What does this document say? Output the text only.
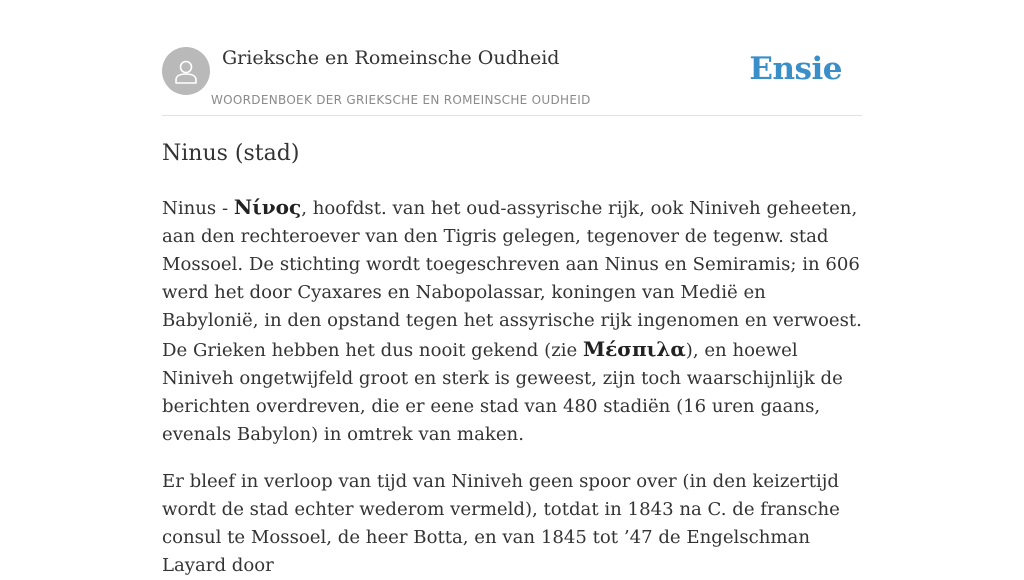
Grieksche en Romeinsche Oudheid
WOORDENBOEK DER GRIEKSCHE EN ROMEINSCHE OUDHEID
Ensie
Ninus (stad)

Ninus - Νίνος, hoofdst. van het oud-assyrische rijk, ook Niniveh geheeten, aan den rechteroever van den Tigris gelegen, tegenover de tegenw. stad Mossoel. De stichting wordt toegeschreven aan Ninus en Semiramis; in 606 werd het door Cyaxares en Nabopolassar, koningen van Medië en Babylonië, in den opstand tegen het assyrische rijk ingenomen en verwoest. De Grieken hebben het dus nooit gekend (zie Μέσπιλα), en hoewel Niniveh ongetwijfeld groot en sterk is geweest, zijn toch waarschijnlijk de berichten overdreven, die er eene stad van 480 stadiën (16 uren gaans, evenals Babylon) in omtrek van maken.

Er bleef in verloop van tijd van Niniveh geen spoor over (in den keizertijd wordt de stad echter wederom vermeld), totdat in 1843 na C. de fransche consul te Mossoel, de heer Botta, en van 1845 tot ’47 de Engelschman Layard door
